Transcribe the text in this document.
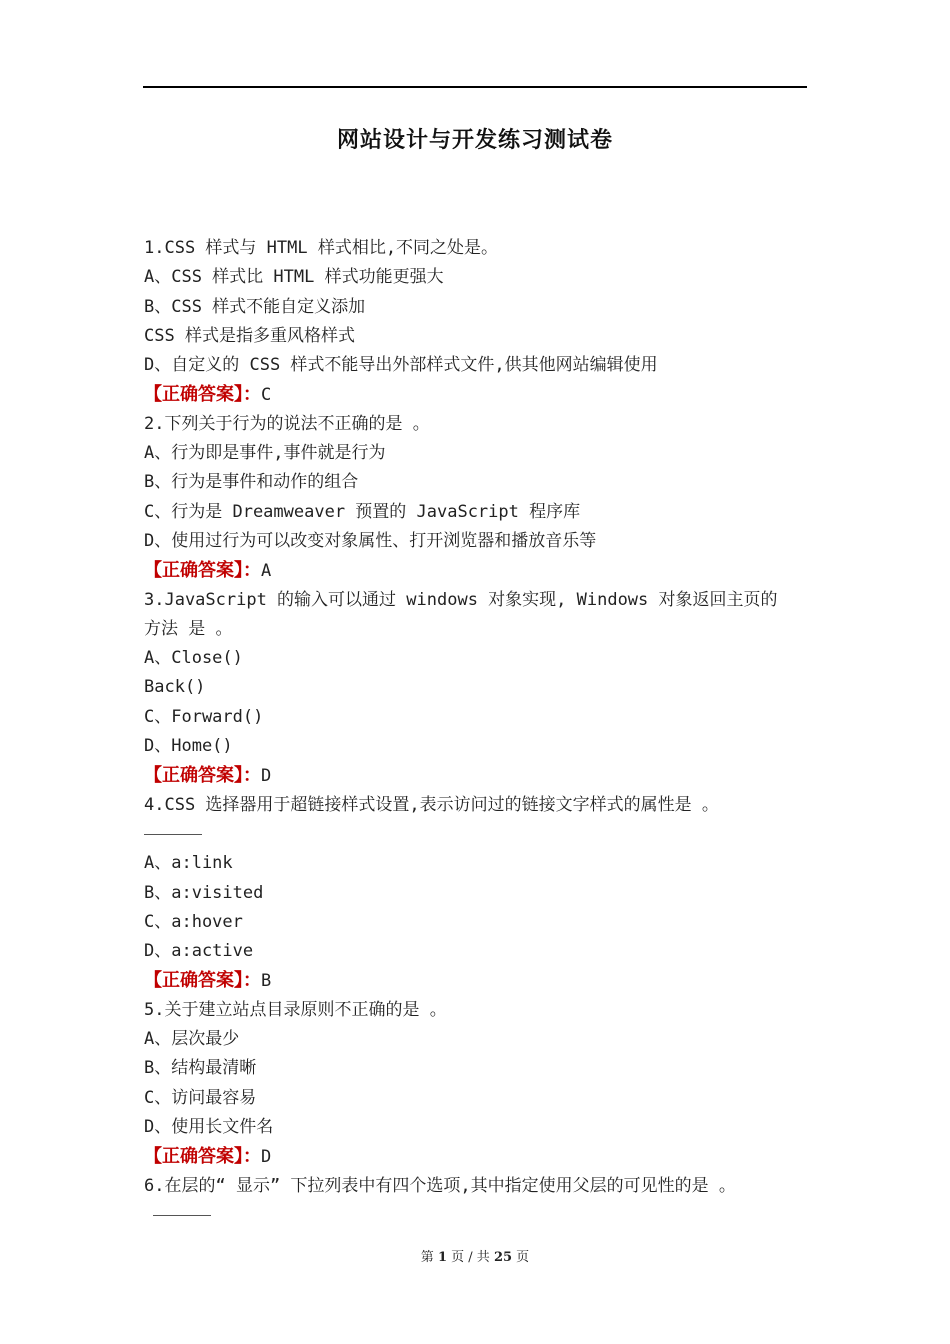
网站设计与开发练习测试卷
1.CSS 样式与 HTML 样式相比,不同之处是。
A、CSS 样式比 HTML 样式功能更强大
B、CSS 样式不能自定义添加
CSS 样式是指多重风格样式
D、自定义的 CSS 样式不能导出外部样式文件,供其他网站编辑使用
【正确答案】：C
2.下列关于行为的说法不正确的是 。
A、行为即是事件,事件就是行为
B、行为是事件和动作的组合
C、行为是 Dreamweaver 预置的 JavaScript 程序库
D、使用过行为可以改变对象属性、打开浏览器和播放音乐等
【正确答案】：A
3.JavaScript 的输入可以通过 windows 对象实现, Windows 对象返回主页的
方法 是 。
A、Close()
Back()
C、Forward()
D、Home()
【正确答案】：D
4.CSS 选择器用于超链接样式设置,表示访问过的链接文字样式的属性是 。
A、a:link
B、a:visited
C、a:hover
D、a:active
【正确答案】：B
5.关于建立站点目录原则不正确的是 。
A、层次最少
B、结构最清晰
C、访问最容易
D、使用长文件名
【正确答案】：D
6.在层的“ 显示” 下拉列表中有四个选项,其中指定使用父层的可见性的是 。
第 1 页 / 共 25 页
